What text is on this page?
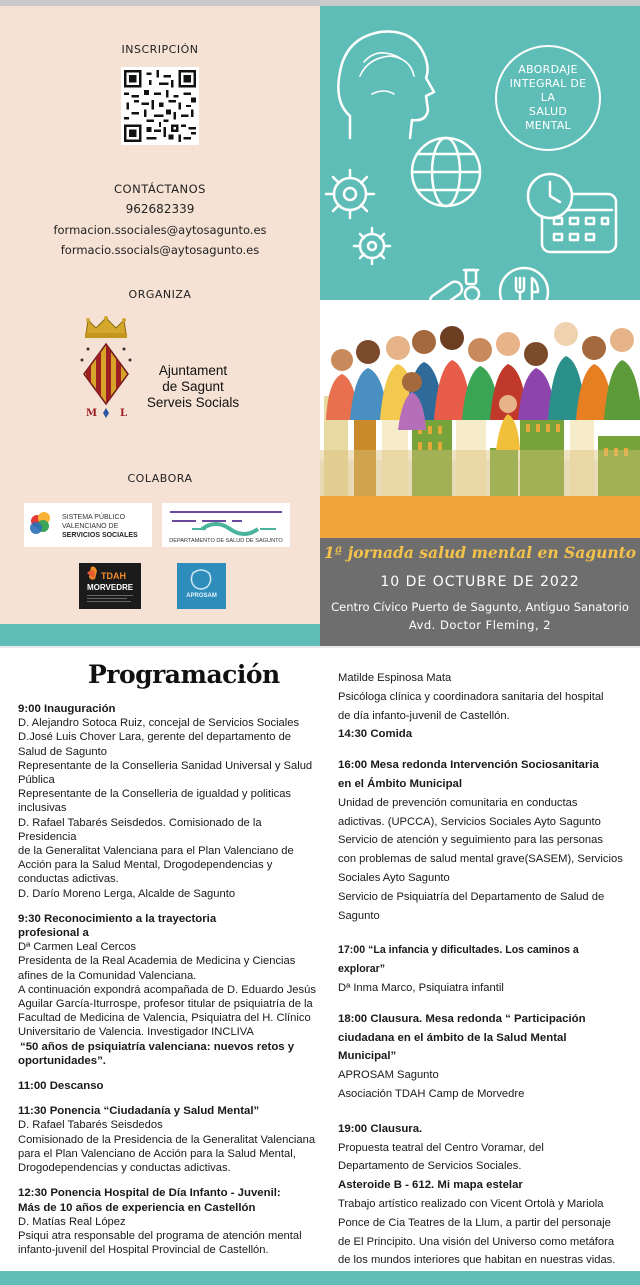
INSCRIPCIÓN
CONTÁCTANOS
962682339
formacion.ssociales@aytosagunto.es
formacio.ssocials@aytosagunto.es
ORGANIZA
M L
Ajuntament
de Sagunt
Serveis Socials
COLABORA
SISTEMA PÚBLICO
VALENCIANO DE
SERVICIOS SOCIALES
DEPARTAMENTO DE SALUD DE SAGUNTO
TDAH
MORVEDRE
APROSAM
ABORDAJE
INTEGRAL DE
LA
SALUD
MENTAL
1ª jornada salud mental en Sagunto
10 DE OCTUBRE DE 2022
Centro Cívico Puerto de Sagunto, Antiguo Sanatorio
Avd. Doctor Fleming, 2
Programación

9:00 Inauguración

D. Alejandro Sotoca Ruiz, concejal de Servicios Sociales

D.José Luis Chover Lara, gerente del departamento de

Salud de Sagunto

Representante de la Conselleria Sanidad Universal y Salud

Pública

Representante de la Conselleria de igualdad y politicas

inclusivas

D. Rafael Tabarés Seisdedos. Comisionado de la Presidencia

de la Generalitat Valenciana para el Plan Valenciano de

Acción para la Salud Mental, Drogodependencias y

conductas adictivas.

D. Darío Moreno Lerga, Alcalde de Sagunto

9:30 Reconocimiento a la trayectoria

profesional a

Dª Carmen Leal Cercos

Presidenta de la Real Academia de Medicina y Ciencias

afines de la Comunidad Valenciana.

A continuación expondrá acompañada de D. Eduardo Jesús

Aguilar García-Iturrospe, profesor titular de psiquiatría de la

Facultad de Medicina de Valencia, Psiquiatra del H. Clínico

Universitario de Valencia. Investigador INCLIVA

“50 años de psiquiatría valenciana: nuevos retos y

oportunidades”.

11:00 Descanso

11:30 Ponencia “Ciudadanía y Salud Mental”

D. Rafael Tabarés Seisdedos

Comisionado de la Presidencia de la Generalitat Valenciana

para el Plan Valenciano de Acción para la Salud Mental,

Drogodependencias y conductas adictivas.

12:30 Ponencia Hospital de Día Infanto - Juvenil:

Más de 10 años de experiencia en Castellón

D. Matías Real López

Psiqui atra responsable del programa de atención mental

infanto-juvenil del Hospital Provincial de Castellón.

Matilde Espinosa Mata

Psicóloga clínica y coordinadora sanitaria del hospital

de día infanto-juvenil de Castellón.

14:30 Comida

16:00 Mesa redonda Intervención Sociosanitaria

en el Ámbito Municipal

Unidad de prevención comunitaria en conductas

adictivas. (UPCCA), Servicios Sociales Ayto Sagunto

Servicio de atención y seguimiento para las personas

con problemas de salud mental grave(SASEM), Servicios

Sociales Ayto Sagunto

Servicio de Psiquiatría del Departamento de Salud de

Sagunto

17:00 “La infancia y dificultades. Los caminos a explorar”

Dª Inma Marco, Psiquiatra infantil

18:00 Clausura. Mesa redonda “ Participación

ciudadana en el ámbito de la Salud Mental

Municipal”

APROSAM Sagunto

Asociación TDAH Camp de Morvedre

19:00 Clausura.

Propuesta teatral del Centro Voramar, del

Departamento de Servicios Sociales.

Asteroide B - 612. Mi mapa estelar

Trabajo artístico realizado con Vicent Ortolà y Mariola

Ponce de Cia Teatres de la Llum, a partir del personaje

de El Principito. Una visión del Universo como metáfora

de los mundos interiores que habitan en nuestras vidas.
